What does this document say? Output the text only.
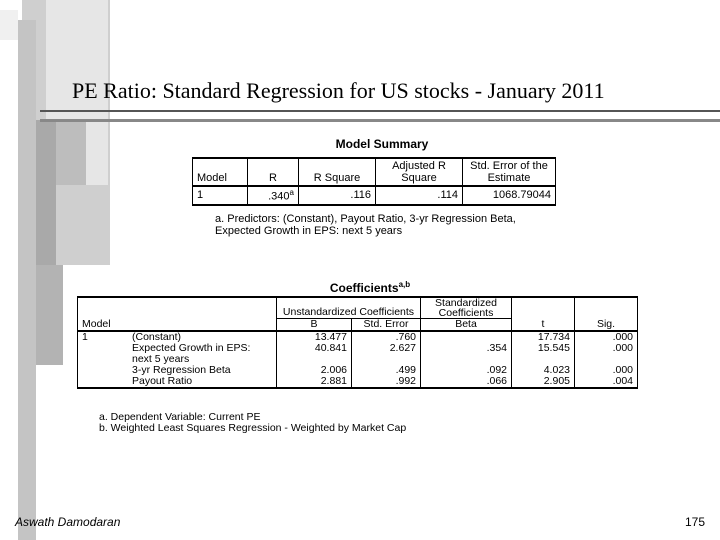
PE Ratio: Standard Regression for US stocks - January 2011
Model Summary
Model	R	R Square	Adjusted R Square	Std. Error of the Estimate
1	.340$^a$	.116	.114	1068.79044
a. Predictors: (Constant), Payout Ratio, 3-yr Regression Beta, Expected Growth in EPS: next 5 years
Coefficients$^{a,b}$
		Unstandardized Coefficients		Standardized Coefficients		
Model		B	Std. Error	Beta	t	Sig.
1	(Constant)	13.477	.760		17.734	.000
	Expected Growth in EPS: next 5 years	40.841	2.627	.354	15.545	.000
	3-yr Regression Beta	2.006	.499	.092	4.023	.000
	Payout Ratio	2.881	.992	.066	2.905	.004
a. Dependent Variable: Current PE
b. Weighted Least Squares Regression - Weighted by Market Cap
Aswath Damodaran	175
